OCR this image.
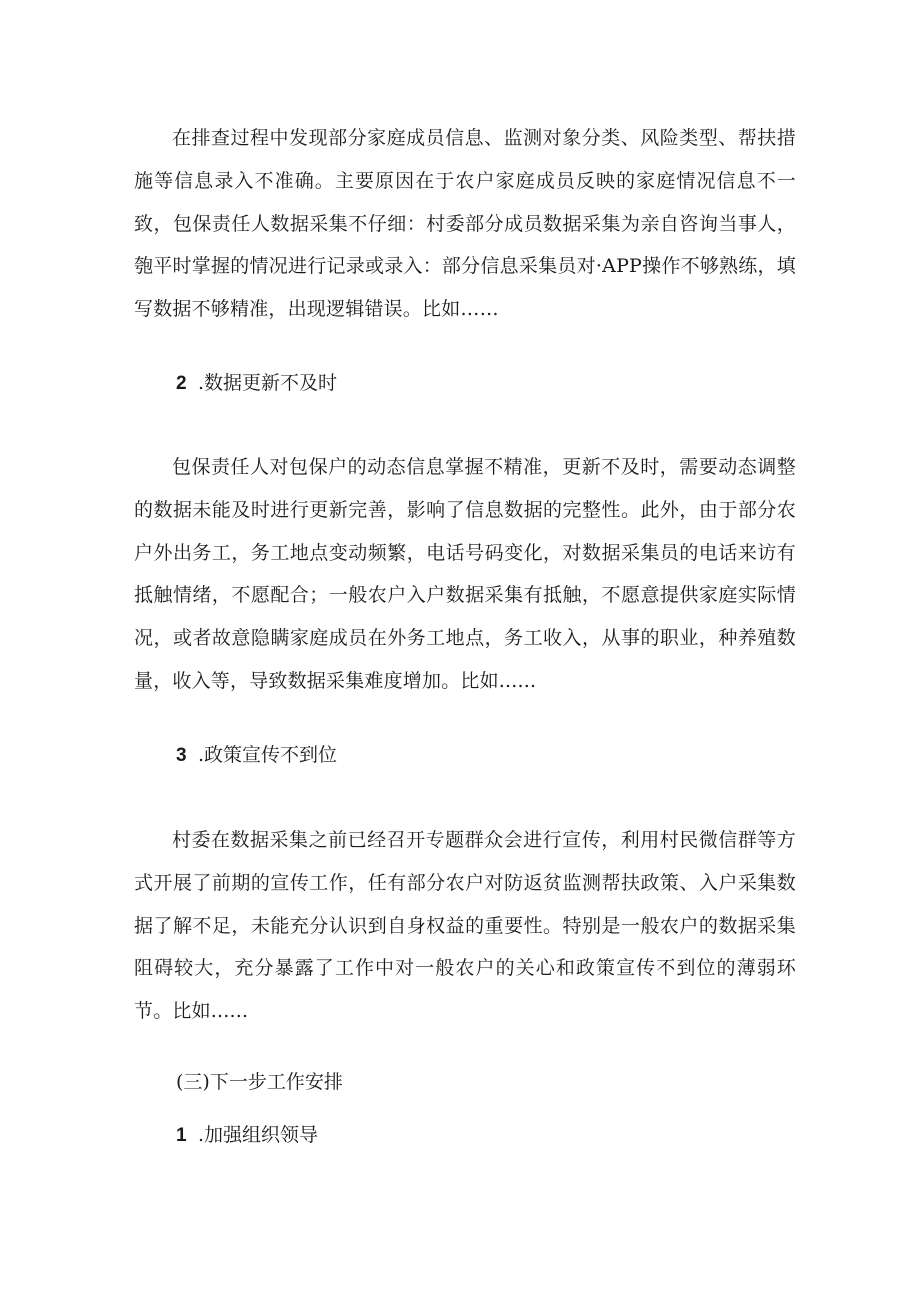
在排查过程中发现部分家庭成员信息、监测对象分类、风险类型、帮扶措施等信息录入不准确。主要原因在于农户家庭成员反映的家庭情况信息不一致，包保责任人数据采集不仔细：村委部分成员数据采集为亲自咨询当事人，匏平时掌握的情况进行记录或录入：部分信息采集员对·APP操作不够熟练，填写数据不够精准，出现逻辑错误。比如……

2 .数据更新不及时

包保责任人对包保户的动态信息掌握不精准，更新不及时，需要动态调整的数据未能及时进行更新完善，影响了信息数据的完整性。此外，由于部分农户外出务工，务工地点变动频繁，电话号码变化，对数据采集员的电话来访有抵触情绪，不愿配合；一般农户入户数据采集有抵触，不愿意提供家庭实际情况，或者故意隐瞒家庭成员在外务工地点，务工收入，从事的职业，种养殖数量，收入等，导致数据采集难度增加。比如......

3 .政策宣传不到位

村委在数据采集之前已经召开专题群众会进行宣传，利用村民微信群等方式开展了前期的宣传工作，任有部分农户对防返贫监测帮扶政策、入户采集数据了解不足，未能充分认识到自身权益的重要性。特别是一般农户的数据采集阻碍较大，充分暴露了工作中对一般农户的关心和政策宣传不到位的薄弱环节。比如......

(三)下一步工作安排
1 .加强组织领导
